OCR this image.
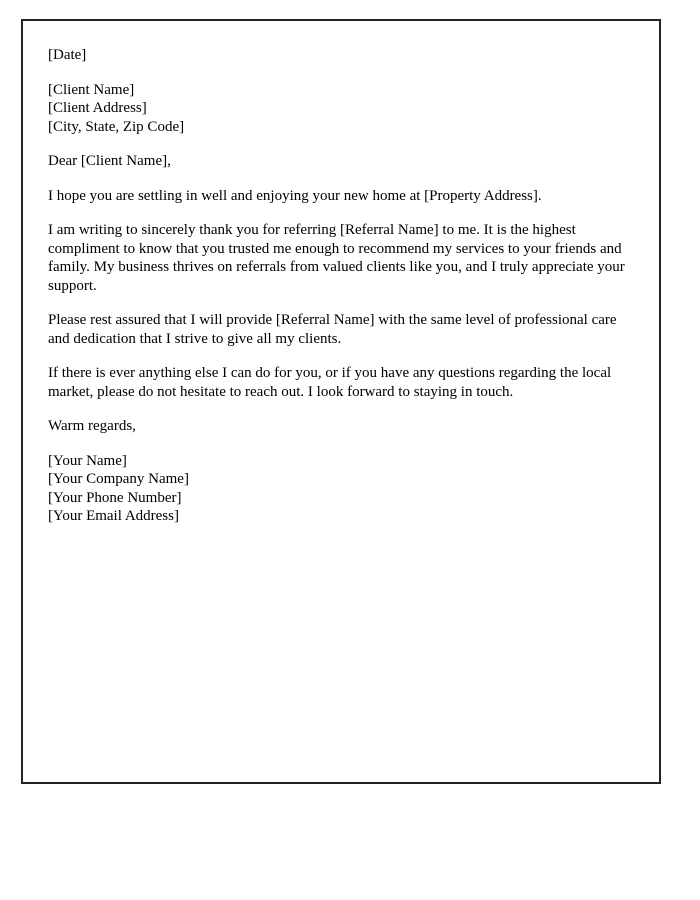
[Date]
[Client Name]
[Client Address]
[City, State, Zip Code]
Dear [Client Name],

I hope you are settling in well and enjoying your new home at [Property Address].

I am writing to sincerely thank you for referring [Referral Name] to me. It is the highest compliment to know that you trusted me enough to recommend my services to your friends and family. My business thrives on referrals from valued clients like you, and I truly appreciate your support.

Please rest assured that I will provide [Referral Name] with the same level of professional care and dedication that I strive to give all my clients.

If there is ever anything else I can do for you, or if you have any questions regarding the local market, please do not hesitate to reach out. I look forward to staying in touch.

Warm regards,
[Your Name]
[Your Company Name]
[Your Phone Number]
[Your Email Address]
